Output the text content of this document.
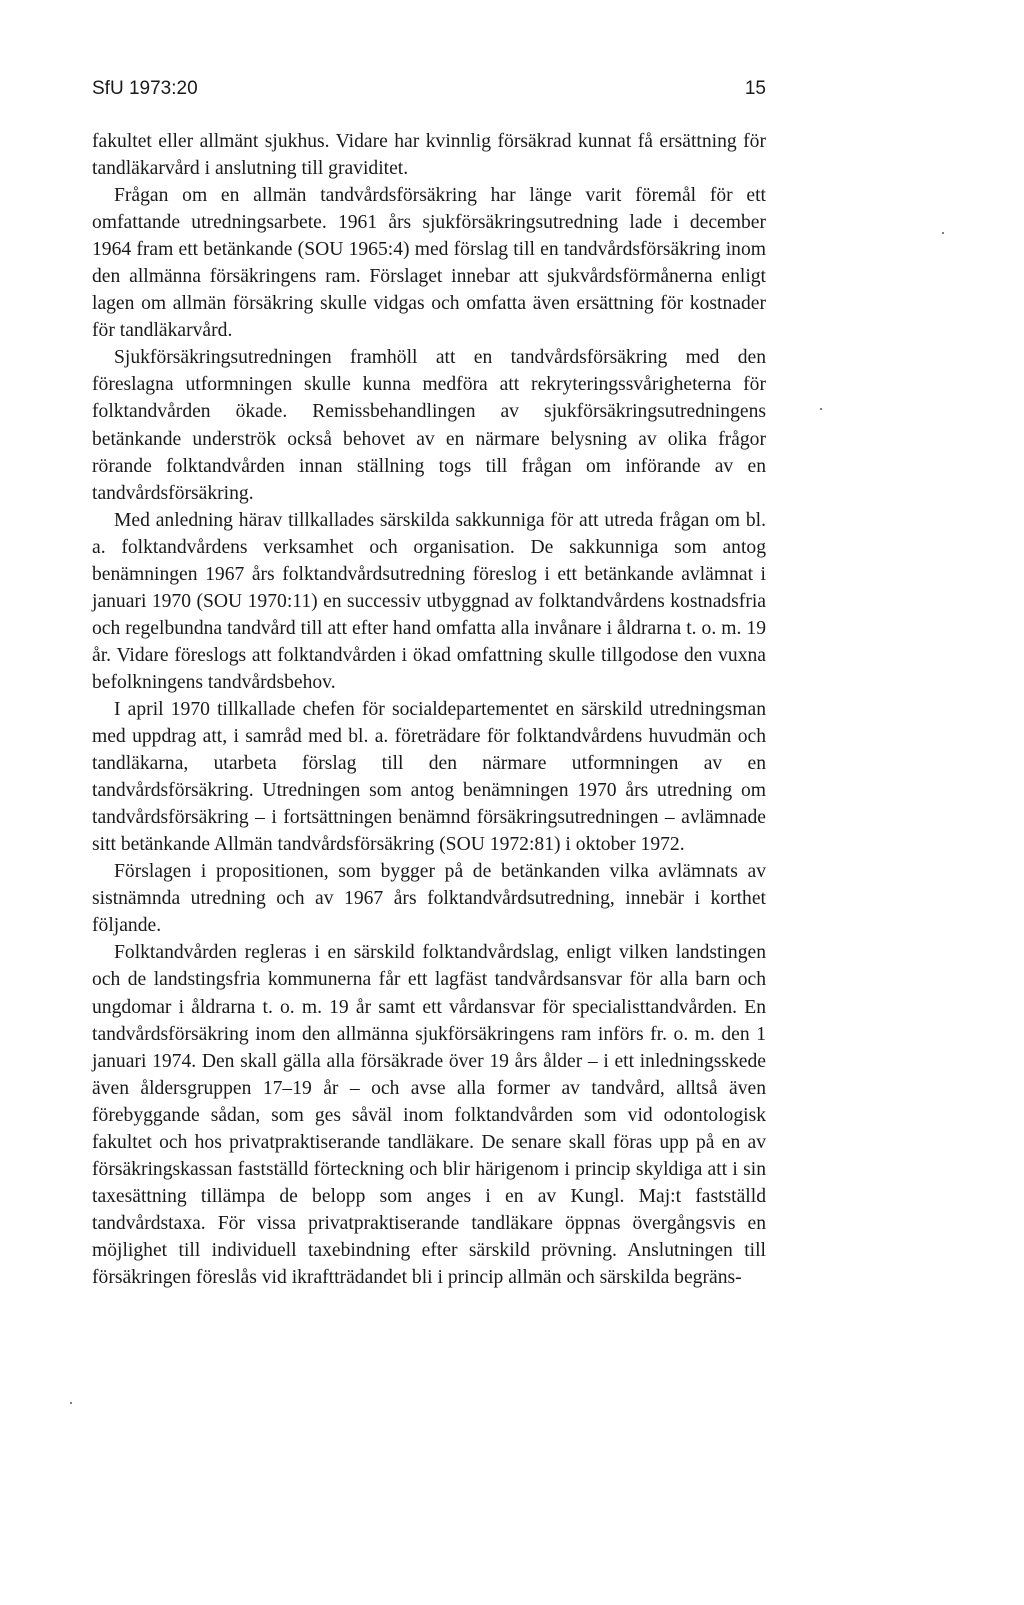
SfU 1973:20	15

fakultet eller allmänt sjukhus. Vidare har kvinnlig försäkrad kunnat få ersättning för tandläkarvård i anslutning till graviditet.

Frågan om en allmän tandvårdsförsäkring har länge varit föremål för ett omfattande utredningsarbete. 1961 års sjukförsäkringsutredning lade i december 1964 fram ett betänkande (SOU 1965:4) med förslag till en tandvårdsförsäkring inom den allmänna försäkringens ram. Förslaget innebar att sjukvårdsförmånerna enligt lagen om allmän försäkring skulle vidgas och omfatta även ersättning för kostnader för tandläkarvård.

Sjukförsäkringsutredningen framhöll att en tandvårdsförsäkring med den föreslagna utformningen skulle kunna medföra att rekryteringssvårigheterna för folktandvården ökade. Remissbehandlingen av sjukförsäkringsutredningens betänkande underströk också behovet av en närmare belysning av olika frågor rörande folktandvården innan ställning togs till frågan om införande av en tandvårdsförsäkring.

Med anledning härav tillkallades särskilda sakkunniga för att utreda frågan om bl. a. folktandvårdens verksamhet och organisation. De sakkunniga som antog benämningen 1967 års folktandvårdsutredning föreslog i ett betänkande avlämnat i januari 1970 (SOU 1970:11) en successiv utbyggnad av folktandvårdens kostnadsfria och regelbundna tandvård till att efter hand omfatta alla invånare i åldrarna t. o. m. 19 år. Vidare föreslogs att folktandvården i ökad omfattning skulle tillgodose den vuxna befolkningens tandvårdsbehov.

I april 1970 tillkallade chefen för socialdepartementet en särskild utredningsman med uppdrag att, i samråd med bl. a. företrädare för folktandvårdens huvudmän och tandläkarna, utarbeta förslag till den närmare utformningen av en tandvårdsförsäkring. Utredningen som antog benämningen 1970 års utredning om tandvårdsförsäkring – i fortsättningen benämnd försäkringsutredningen – avlämnade sitt betänkande Allmän tandvårdsförsäkring (SOU 1972:81) i oktober 1972.

Förslagen i propositionen, som bygger på de betänkanden vilka avlämnats av sistnämnda utredning och av 1967 års folktandvårdsutredning, innebär i korthet följande.

Folktandvården regleras i en särskild folktandvårdslag, enligt vilken landstingen och de landstingsfria kommunerna får ett lagfäst tandvårdsansvar för alla barn och ungdomar i åldrarna t. o. m. 19 år samt ett vårdansvar för specialisttandvården. En tandvårdsförsäkring inom den allmänna sjukförsäkringens ram införs fr. o. m. den 1 januari 1974. Den skall gälla alla försäkrade över 19 års ålder – i ett inledningsskede även åldersgruppen 17–19 år – och avse alla former av tandvård, alltså även förebyggande sådan, som ges såväl inom folktandvården som vid odontologisk fakultet och hos privatpraktiserande tandläkare. De senare skall föras upp på en av försäkringskassan fastställd förteckning och blir härigenom i princip skyldiga att i sin taxesättning tillämpa de belopp som anges i en av Kungl. Maj:t fastställd tandvårdstaxa. För vissa privatpraktiserande tandläkare öppnas övergångsvis en möjlighet till individuell taxebindning efter särskild prövning. Anslutningen till försäkringen föreslås vid ikraftträdandet bli i princip allmän och särskilda begräns-
